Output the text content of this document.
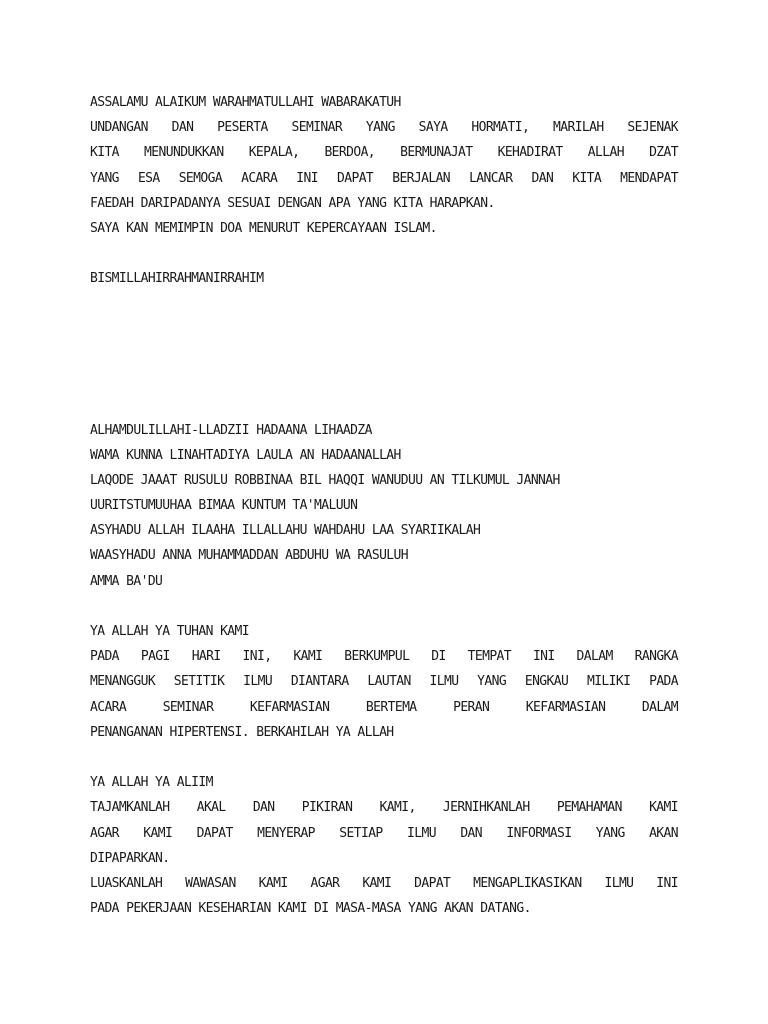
ASSALAMU ALAIKUM WARAHMATULLAHI WABARAKATUH
UNDANGAN DAN PESERTA SEMINAR YANG SAYA HORMATI, MARILAH SEJENAK
KITA MENUNDUKKAN KEPALA, BERDOA, BERMUNAJAT KEHADIRAT ALLAH DZAT
YANG ESA SEMOGA ACARA INI DAPAT BERJALAN LANCAR DAN KITA MENDAPAT
FAEDAH DARIPADANYA SESUAI DENGAN APA YANG KITA HARAPKAN.
SAYA KAN MEMIMPIN DOA MENURUT KEPERCAYAAN ISLAM.
BISMILLAHIRRAHMANIRRAHIM
ALHAMDULILLAHI-LLADZII HADAANA LIHAADZA
WAMA KUNNA LINAHTADIYA LAULA AN HADAANALLAH
LAQODE JAAAT RUSULU ROBBINAA BIL HAQQI WANUDUU AN TILKUMUL JANNAH
UURITSTUMUUHAA BIMAA KUNTUM TA'MALUUN
ASYHADU ALLAH ILAAHA ILLALLAHU WAHDAHU LAA SYARIIKALAH
WAASYHADU ANNA MUHAMMADDAN ABDUHU WA RASULUH
AMMA BA'DU
YA ALLAH YA TUHAN KAMI
PADA PAGI HARI INI, KAMI BERKUMPUL DI TEMPAT INI DALAM RANGKA
MENANGGUK SETITIK ILMU DIANTARA LAUTAN ILMU YANG ENGKAU MILIKI PADA
ACARA SEMINAR KEFARMASIAN BERTEMA PERAN KEFARMASIAN DALAM
PENANGANAN HIPERTENSI. BERKAHILAH YA ALLAH
YA ALLAH YA ALIIM
TAJAMKANLAH AKAL DAN PIKIRAN KAMI, JERNIHKANLAH PEMAHAMAN KAMI
AGAR KAMI DAPAT MENYERAP SETIAP ILMU DAN INFORMASI YANG AKAN
DIPAPARKAN.
LUASKANLAH WAWASAN KAMI AGAR KAMI DAPAT MENGAPLIKASIKAN ILMU INI
PADA PEKERJAAN KESEHARIAN KAMI DI MASA-MASA YANG AKAN DATANG.
